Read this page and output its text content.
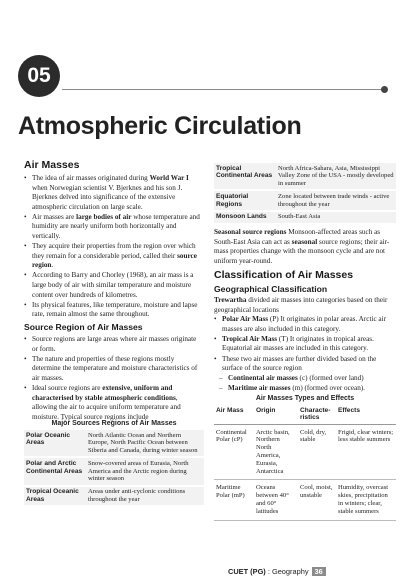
05
Atmospheric Circulation
Air Masses
• The idea of air masses originated during World War I when Norwegian scientist V. Bjerknes and his son J. Bjerknes delved into significance of the extensive atmospheric circulation on large scale.
• Air masses are large bodies of air whose temperature and humidity are nearly uniform both horizontally and vertically.
• They acquire their properties from the region over which they remain for a considerable period, called their source region.
• According to Barry and Chorley (1968), an air mass is a large body of air with similar temperature and moisture content over hundreds of kilometres.
• Its physical features, like temperature, moisture and lapse rate, remain almost the same throughout.
Source Region of Air Masses
• Source regions are large areas where air masses originate or form.
• The nature and properties of these regions mostly determine the temperature and moisture characteristics of air masses.
• Ideal source regions are extensive, uniform and characterised by stable atmospheric conditions, allowing the air to acquire uniform temperature and moisture. Typical source regions include
Major Sources Regions of Air Masses
Polar Oceanic Areas	North Atlantic Ocean and Northern Europe, North Pacific Ocean between Siberia and Canada, during winter season
Polar and Arctic Continental Areas	Snow-covered areas of Eurasia, North America and the Arctic region during winter season
Tropical Oceanic Areas	Areas under anti-cyclonic conditions throughout the year
Tropical Continental Areas	North Africa-Sahara, Asia, Mississippi Valley Zone of the USA - mostly developed in summer
Equatorial Regions	Zone located between trade winds - active throughout the year
Monsoon Lands	South-East Asia
Seasonal source regions Monsoon-affected areas such as South-East Asia can act as seasonal source regions; their air-mass properties change with the monsoon cycle and are not uniform year-round.
Classification of Air Masses
Geographical Classification
Trewartha divided air masses into categories based on their geographical locations
• Polar Air Mass (P) It originates in polar areas. Arctic air masses are also included in this category.
• Tropical Air Mass (T) It originates in tropical areas. Equatorial air masses are included in this category.
• These two air masses are further divided based on the surface of the source region
– Continental air masses (c) (formed over land)
– Maritime air masses (m) (formed over ocean).
Air Masses Types and Effects
Air Mass	Origin	Characte-ristics	Effects
Continental Polar (cP)	Arctic basin, Northern North America, Eurasia, Antarctica	Cold, dry, stable	Frigid, clear winters; less stable summers
Maritime Polar (mP)	Oceans between 40° and 60° latitudes	Cool, moist, unstable	Humidity, overcast skies, precipitation in winters; clear, stable summers
CUET (PG) : Geography 36
